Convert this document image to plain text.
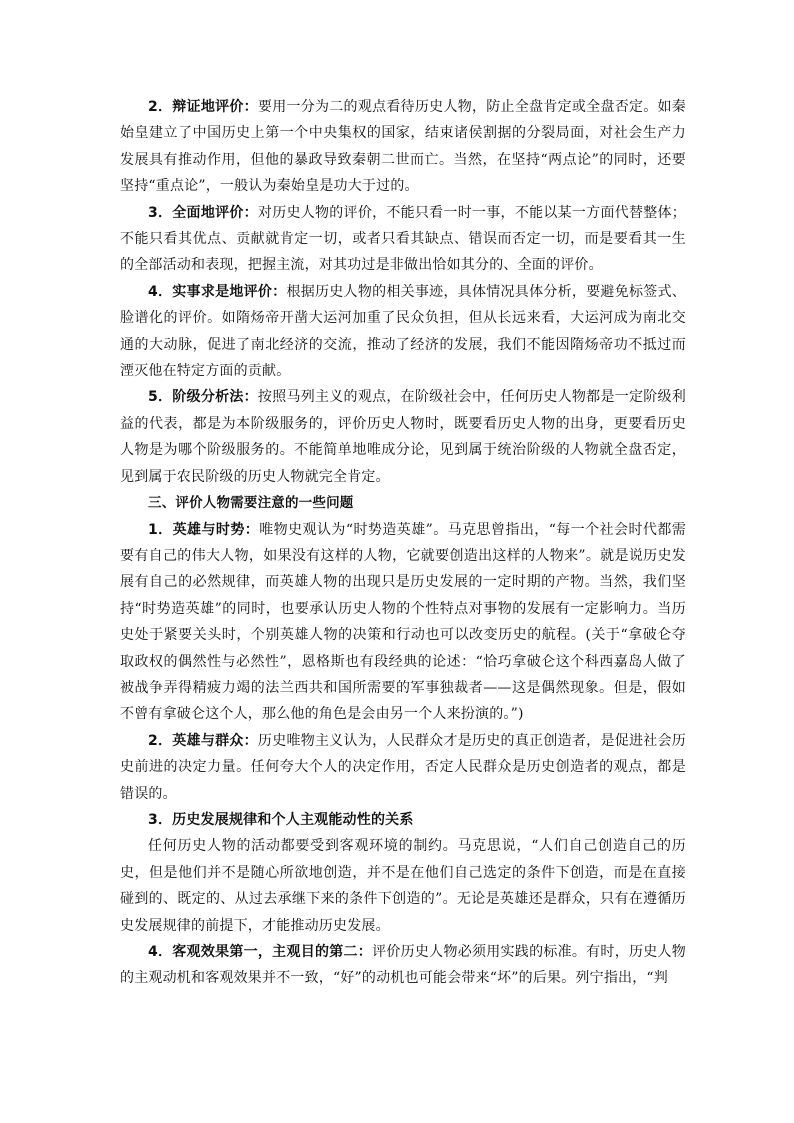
2．辩证地评价：要用一分为二的观点看待历史人物，防止全盘肯定或全盘否定。如秦始皇建立了中国历史上第一个中央集权的国家，结束诸侯割据的分裂局面，对社会生产力发展具有推动作用，但他的暴政导致秦朝二世而亡。当然，在坚持“两点论”的同时，还要坚持“重点论”，一般认为秦始皇是功大于过的。

3．全面地评价：对历史人物的评价，不能只看一时一事，不能以某一方面代替整体；不能只看其优点、贡献就肯定一切，或者只看其缺点、错误而否定一切，而是要看其一生的全部活动和表现，把握主流，对其功过是非做出恰如其分的、全面的评价。

4．实事求是地评价：根据历史人物的相关事迹，具体情况具体分析，要避免标签式、脸谱化的评价。如隋炀帝开凿大运河加重了民众负担，但从长远来看，大运河成为南北交通的大动脉，促进了南北经济的交流，推动了经济的发展，我们不能因隋炀帝功不抵过而湮灭他在特定方面的贡献。

5．阶级分析法：按照马列主义的观点，在阶级社会中，任何历史人物都是一定阶级利益的代表，都是为本阶级服务的，评价历史人物时，既要看历史人物的出身，更要看历史人物是为哪个阶级服务的。不能简单地唯成分论，见到属于统治阶级的人物就全盘否定，见到属于农民阶级的历史人物就完全肯定。

三、评价人物需要注意的一些问题

1．英雄与时势：唯物史观认为“时势造英雄”。马克思曾指出，“每一个社会时代都需要有自己的伟大人物，如果没有这样的人物，它就要创造出这样的人物来”。就是说历史发展有自己的必然规律，而英雄人物的出现只是历史发展的一定时期的产物。当然，我们坚持“时势造英雄”的同时，也要承认历史人物的个性特点对事物的发展有一定影响力。当历史处于紧要关头时，个别英雄人物的决策和行动也可以改变历史的航程。(关于“拿破仑夺取政权的偶然性与必然性”，恩格斯也有段经典的论述：“恰巧拿破仑这个科西嘉岛人做了被战争弄得精疲力竭的法兰西共和国所需要的军事独裁者——这是偶然现象。但是，假如不曾有拿破仑这个人，那么他的角色是会由另一个人来扮演的。”)

2．英雄与群众：历史唯物主义认为，人民群众才是历史的真正创造者，是促进社会历史前进的决定力量。任何夸大个人的决定作用，否定人民群众是历史创造者的观点，都是错误的。

3．历史发展规律和个人主观能动性的关系

任何历史人物的活动都要受到客观环境的制约。马克思说，“人们自己创造自己的历史，但是他们并不是随心所欲地创造，并不是在他们自己选定的条件下创造，而是在直接碰到的、既定的、从过去承继下来的条件下创造的”。无论是英雄还是群众，只有在遵循历史发展规律的前提下，才能推动历史发展。

4．客观效果第一，主观目的第二：评价历史人物必须用实践的标准。有时，历史人物的主观动机和客观效果并不一致，“好”的动机也可能会带来“坏”的后果。列宁指出，“判
